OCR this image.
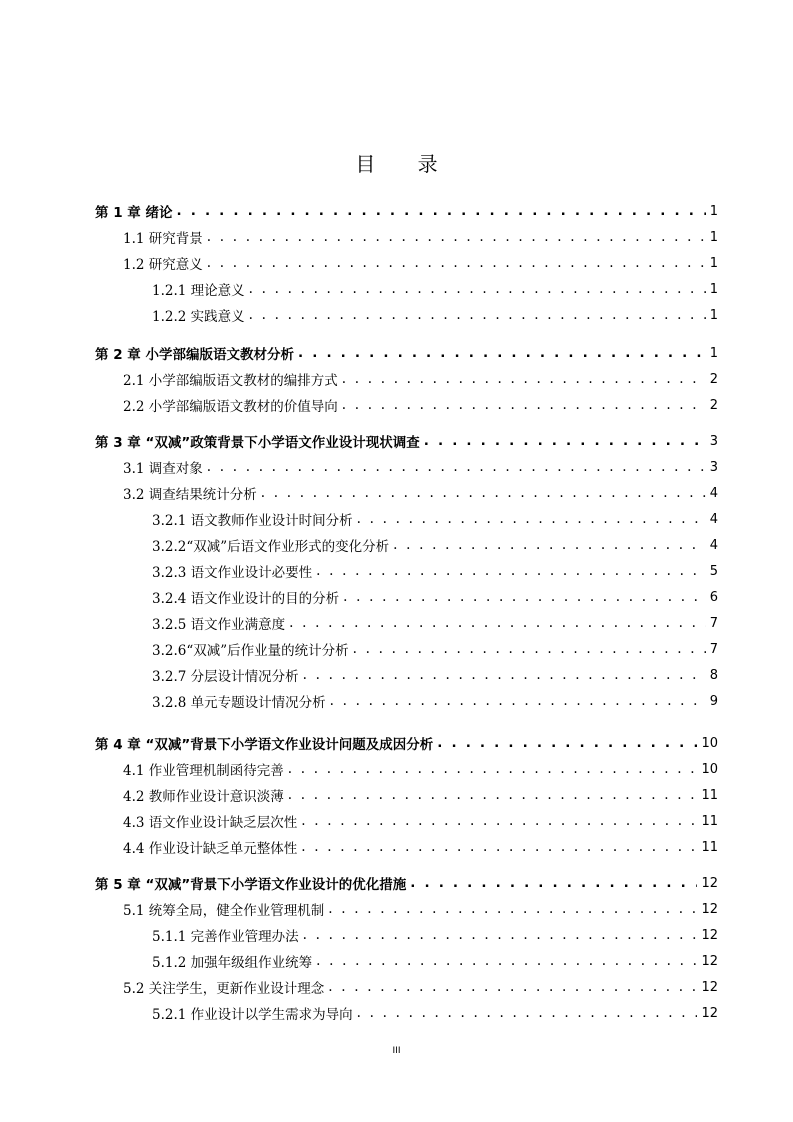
目 录
第 1 章 绪论 . . .	1
1.1 研究背景 . . .	1
1.2 研究意义 . . .	1
1.2.1 理论意义 . . .	1
1.2.2 实践意义 . . .	1
第 2 章 小学部编版语文教材分析 . . .	1
2.1 小学部编版语文教材的编排方式 . . .	2
2.2 小学部编版语文教材的价值导向 . . .	2
第 3 章 “双减”政策背景下小学语文作业设计现状调查 . . .	3
3.1 调查对象 . . .	3
3.2 调查结果统计分析 . . .	4
3.2.1 语文教师作业设计时间分析 . . .	4
3.2.2“双减”后语文作业形式的变化分析 . . .	4
3.2.3 语文作业设计必要性 . . .	5
3.2.4 语文作业设计的目的分析 . . .	6
3.2.5 语文作业满意度 . . .	7
3.2.6“双减”后作业量的统计分析 . . .	7
3.2.7 分层设计情况分析 . . .	8
3.2.8 单元专题设计情况分析 . . .	9
第 4 章 “双减”背景下小学语文作业设计问题及成因分析 . . .	10
4.1 作业管理机制函待完善 . . .	10
4.2 教师作业设计意识淡薄 . . .	11
4.3 语文作业设计缺乏层次性 . . .	11
4.4 作业设计缺乏单元整体性 . . .	11
第 5 章 “双减”背景下小学语文作业设计的优化措施 . . .	12
5.1 统筹全局，健全作业管理机制 . . .	12
5.1.1 完善作业管理办法 . . .	12
5.1.2 加强年级组作业统筹 . . .	12
5.2 关注学生，更新作业设计理念 . . .	12
5.2.1 作业设计以学生需求为导向 . . .	12
III
